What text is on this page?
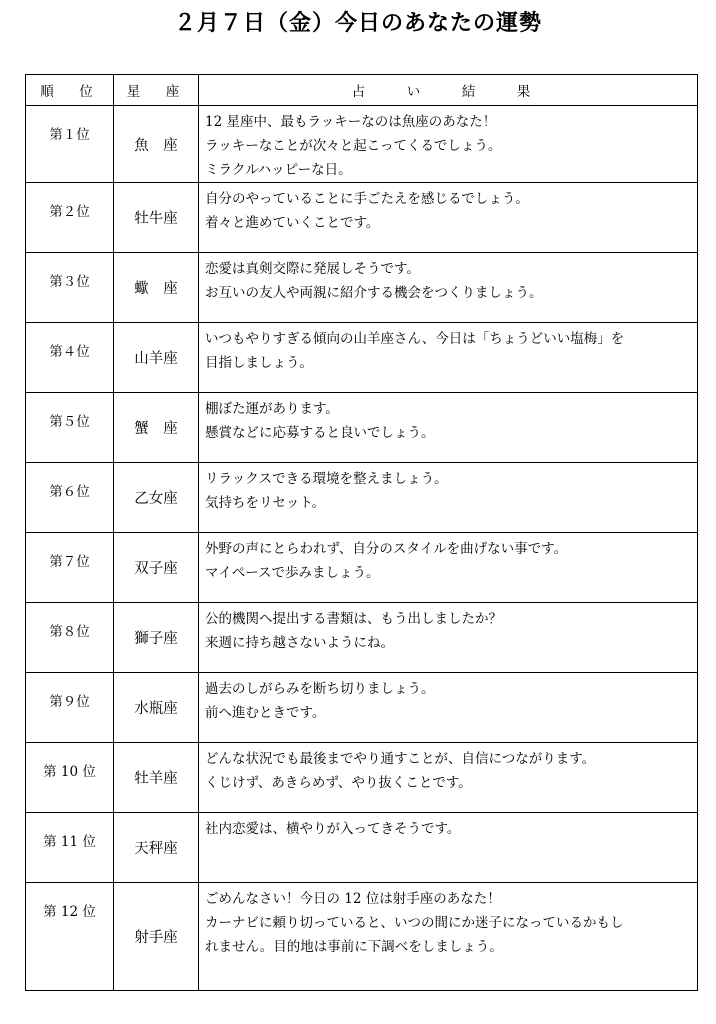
２月７日（金）今日のあなたの運勢
順　位	星　座	占　い　結　果
第１位	魚　座	12 星座中、最もラッキーなのは魚座のあなた！
ラッキーなことが次々と起こってくるでしょう。
ミラクルハッピーな日。

第２位	牡牛座	自分のやっていることに手ごたえを感じるでしょう。
着々と進めていくことです。

第３位	蠍　座	恋愛は真剣交際に発展しそうです。
お互いの友人や両親に紹介する機会をつくりましょう。

第４位	山羊座	いつもやりすぎる傾向の山羊座さん、今日は「ちょうどいい塩梅」を
目指しましょう。

第５位	蟹　座	棚ぼた運があります。
懸賞などに応募すると良いでしょう。

第６位	乙女座	リラックスできる環境を整えましょう。
気持ちをリセット。

第７位	双子座	外野の声にとらわれず、自分のスタイルを曲げない事です。
マイペースで歩みましょう。

第８位	獅子座	公的機関へ提出する書類は、もう出しましたか？
来週に持ち越さないようにね。

第９位	水瓶座	過去のしがらみを断ち切りましょう。
前へ進むときです。

第 10 位	牡羊座	どんな状況でも最後までやり通すことが、自信につながります。
くじけず、あきらめず、やり抜くことです。

第 11 位	天秤座	社内恋愛は、横やりが入ってきそうです。

第 12 位	射手座	ごめんなさい！今日の 12 位は射手座のあなた！
カーナビに頼り切っていると、いつの間にか迷子になっているかもし
れません。目的地は事前に下調べをしましょう。
